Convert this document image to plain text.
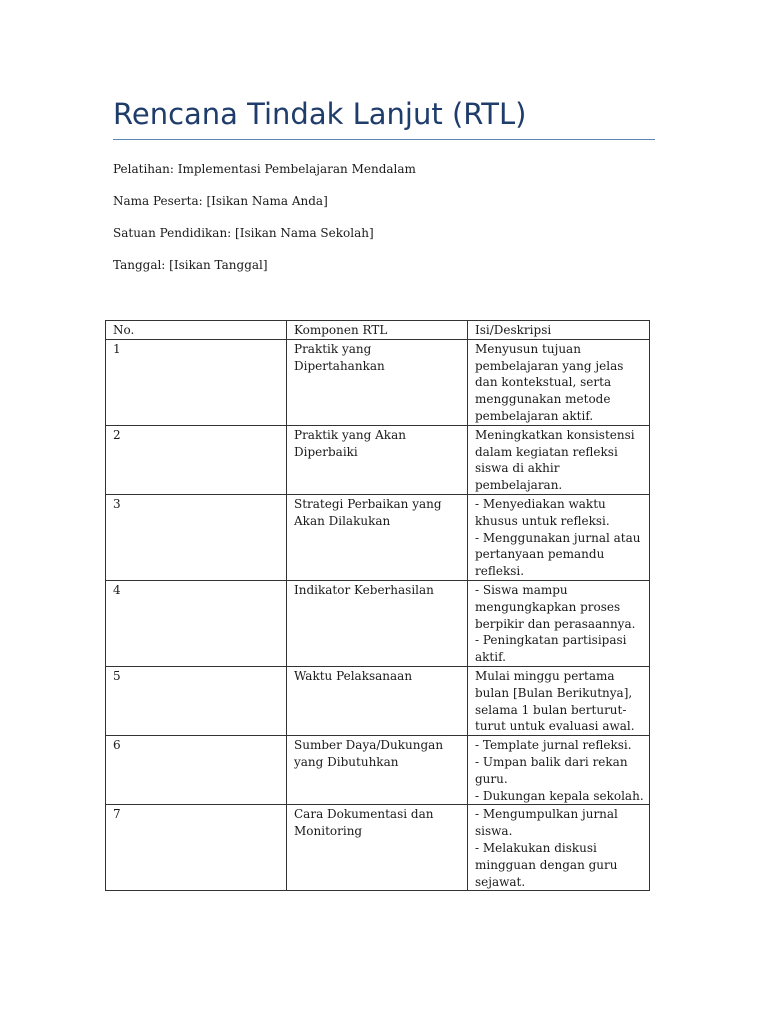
Rencana Tindak Lanjut (RTL)

Pelatihan: Implementasi Pembelajaran Mendalam

Nama Peserta: [Isikan Nama Anda]

Satuan Pendidikan: [Isikan Nama Sekolah]

Tanggal: [Isikan Tanggal]

No.	Komponen RTL	Isi/Deskripsi
1	Praktik yang Dipertahankan	Menyusun tujuan pembelajaran yang jelas dan kontekstual, serta menggunakan metode pembelajaran aktif.

2	Praktik yang Akan Diperbaiki	Meningkatkan konsistensi dalam kegiatan refleksi siswa di akhir pembelajaran.

3	Strategi Perbaikan yang Akan Dilakukan	- Menyediakan waktu khusus untuk refleksi.
- Menggunakan jurnal atau pertanyaan pemandu refleksi.

4	Indikator Keberhasilan	- Siswa mampu mengungkapkan proses berpikir dan perasaannya.
- Peningkatan partisipasi aktif.

5	Waktu Pelaksanaan	Mulai minggu pertama bulan [Bulan Berikutnya], selama 1 bulan berturut-turut untuk evaluasi awal.

6	Sumber Daya/Dukungan yang Dibutuhkan	- Template jurnal refleksi.
- Umpan balik dari rekan guru.
- Dukungan kepala sekolah.

7	Cara Dokumentasi dan Monitoring	- Mengumpulkan jurnal siswa.
- Melakukan diskusi mingguan dengan guru sejawat.
